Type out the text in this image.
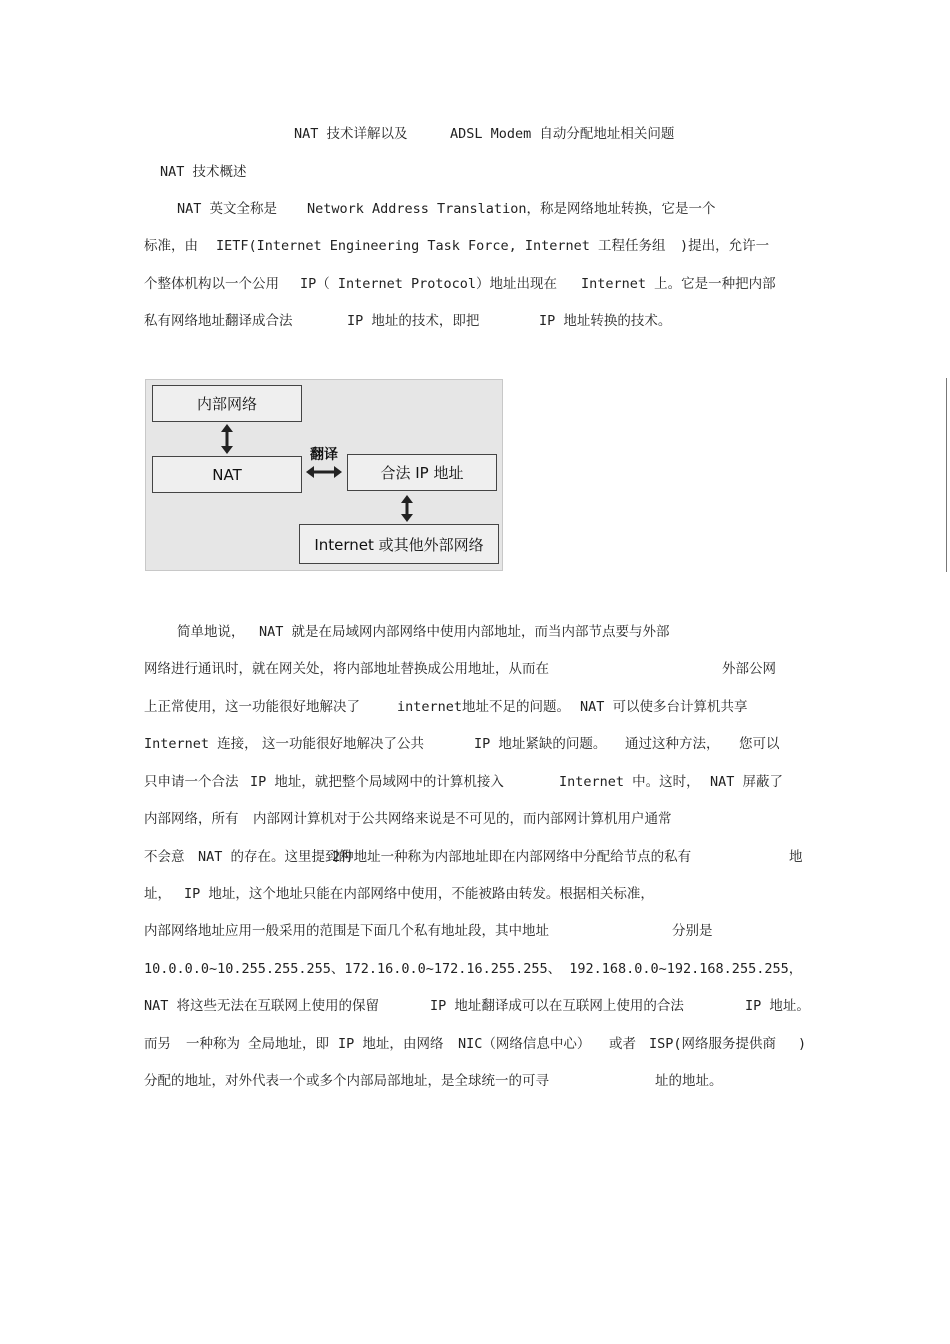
NAT 技术详解以及	ADSL Modem 自动分配地址相关问题
NAT 技术概述
NAT 英文全称是 Network Address Translation，称是网络地址转换，它是一个
标准，由 IETF(Internet Engineering Task Force, Internet 工程任务组 )提出，允许一
个整体机构以一个公用 IP（ Internet Protocol）地址出现在 Internet 上。它是一种把内部
私有网络地址翻译成合法	IP 地址的技术，即把	IP 地址转换的技术。
内部网络
NAT	合法 IP 地址
Internet 或其他外部网络
翻译
简单地说， NAT 就是在局域网内部网络中使用内部地址，而当内部节点要与外部
网络进行通讯时，就在网关处，将内部地址替换成公用地址，从而在	外部公网
上正常使用，这一功能很好地解决了	internet地址不足的问题。 NAT 可以使多台计算机共享
Internet 连接， 这一功能很好地解决了公共	IP 地址紧缺的问题。 通过这种方法， 您可以
只申请一个合法 IP 地址，就把整个局域网中的计算机接入	Internet 中。这时， NAT 屏蔽了
内部网络，所有 内部网计算机对于公共网络来说是不可见的，而内部网计算机用户通常
不会意 NAT 的存在。这里提到的
2种地址一种称为内部地址即在内部网络中分配给节点的私有	地
址， IP 地址，这个地址只能在内部网络中使用，不能被路由转发。根据相关标准，
内部网络地址应用一般采用的范围是下面几个私有地址段，其中地址	分别是
10.0.0.0~10.255.255.255、172.16.0.0~172.16.255.255、 192.168.0.0~192.168.255.255，
NAT 将这些无法在互联网上使用的保留	IP 地址翻译成可以在互联网上使用的合法	IP 地址。
而另 一种称为 全局地址，即 IP 地址， 由网络 NIC（网络信息中心） 或者 ISP(网络服务提供商 )
分配的地址，对外代表一个或多个内部局部地址，是全球统一的可寻	址的地址。
